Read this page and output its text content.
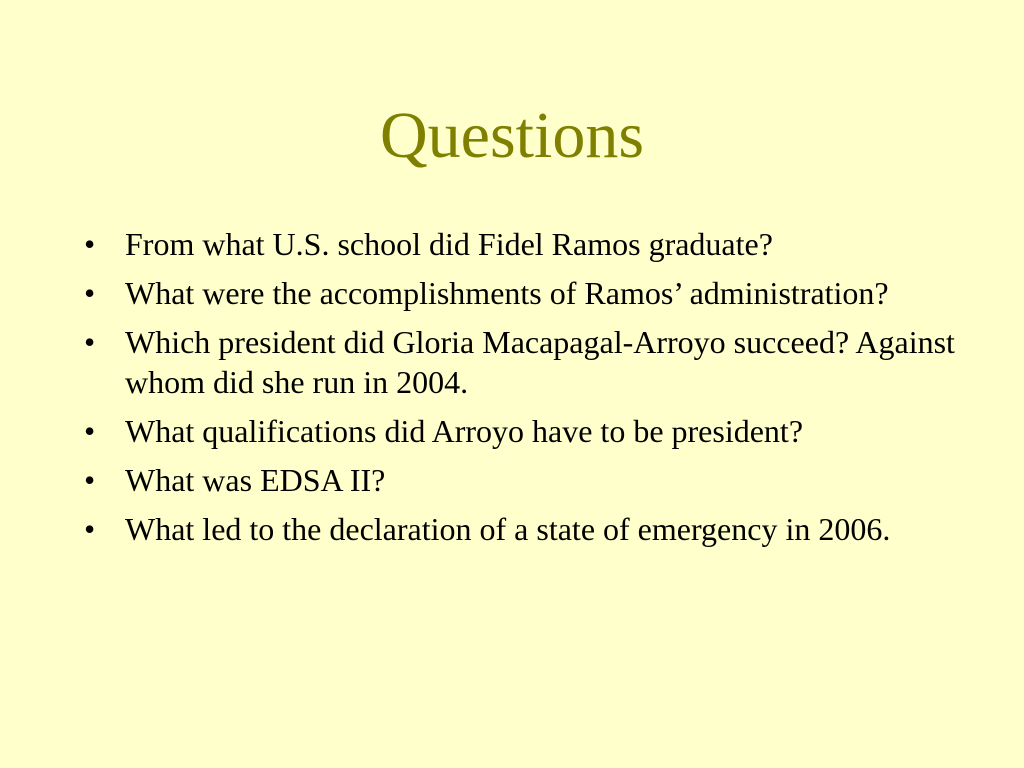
Questions
• From what U.S. school did Fidel Ramos graduate?
• What were the accomplishments of Ramos’ administration?
• Which president did Gloria Macapagal-Arroyo succeed? Against whom did she run in 2004.
• What qualifications did Arroyo have to be president?
• What was EDSA II?
• What led to the declaration of a state of emergency in 2006.
